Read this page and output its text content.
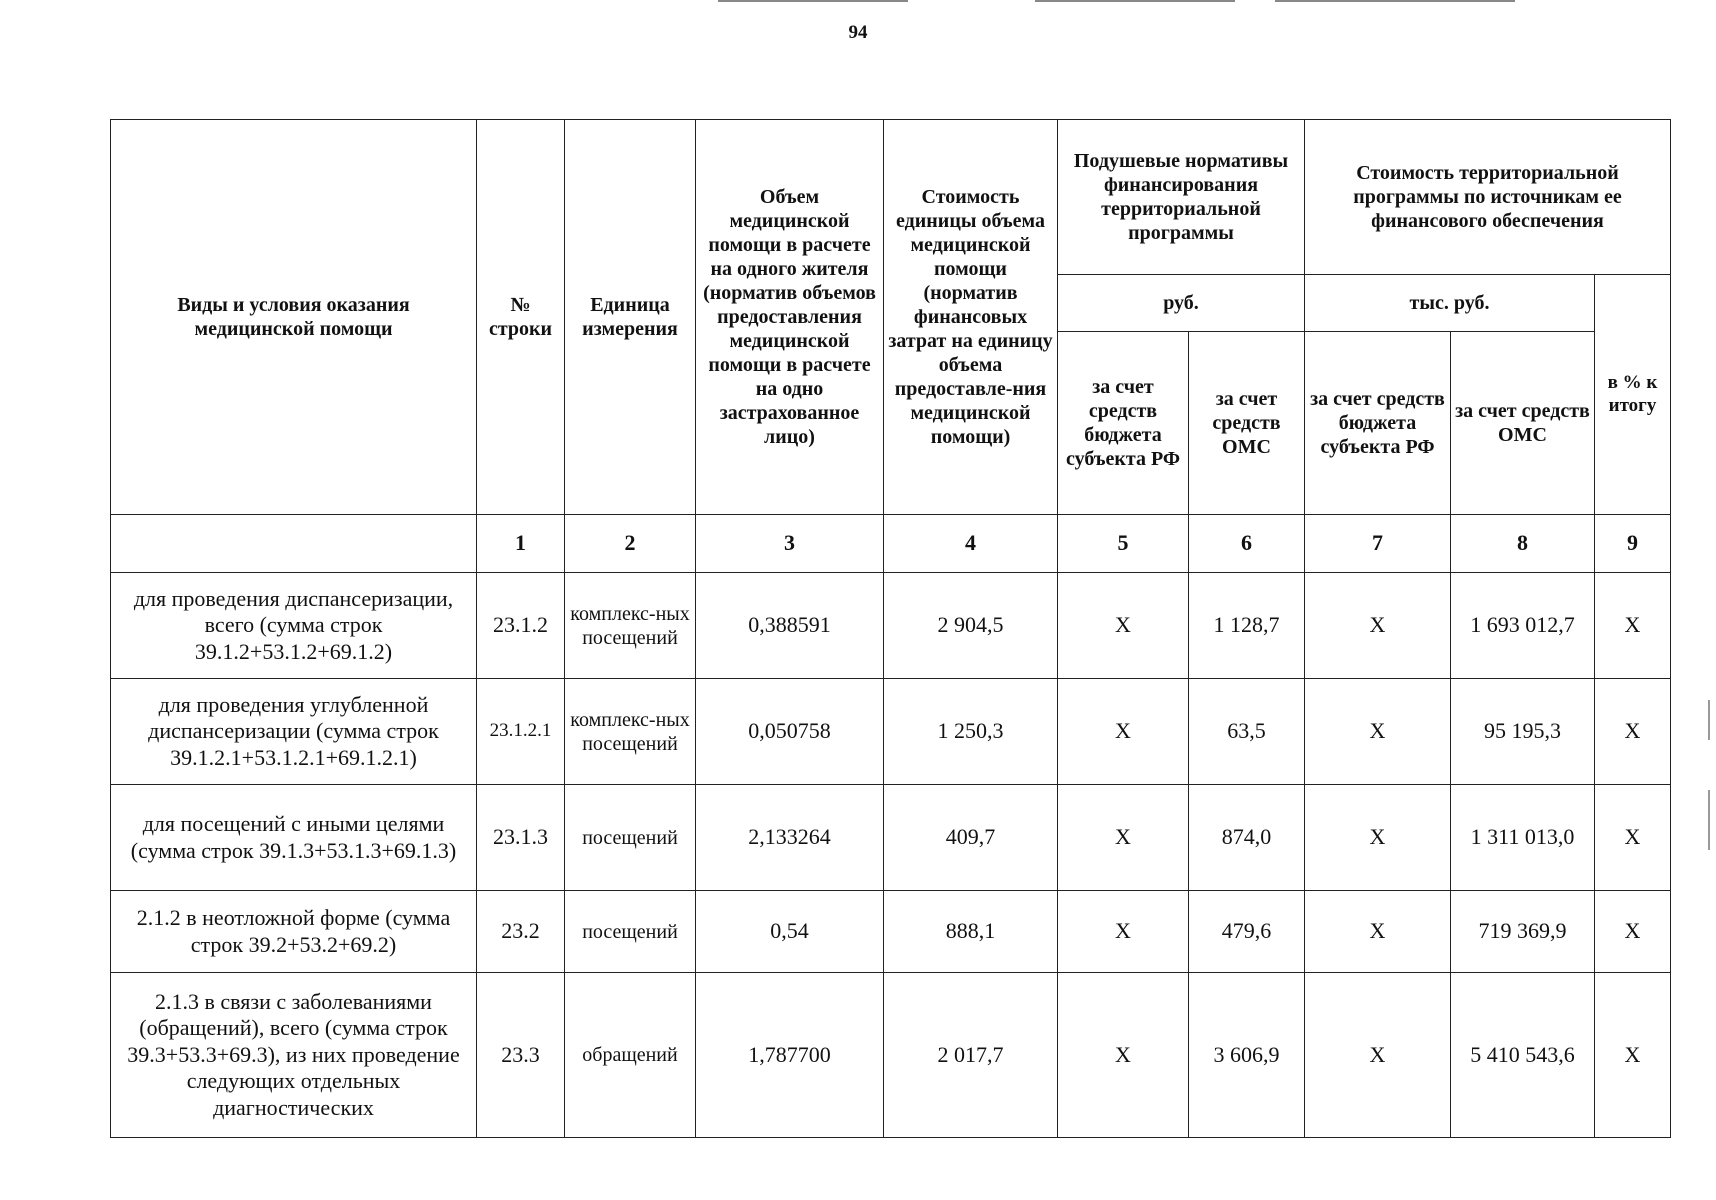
94
Виды и условия оказания медицинской помощи	№ строки	Единица измерения	Объем медицинской помощи в расчете на одного жителя (норматив объемов предоставления медицинской помощи в расчете на одно застрахованное лицо)	Стоимость единицы объема медицинской помощи (норматив финансовых затрат на единицу объема предоставле-ния медицинской помощи)	Подушевые нормативы финансирования территориальной программы		Стоимость территориальной программы по источникам ее финансового обеспечения		
					руб.		тыс. руб.		в % к итогу
					за счет средств бюджета субъекта РФ	за счет средств ОМС	за счет средств бюджета субъекта РФ	за счет средств ОМС	
	1	2	3	4	5	6	7	8	9
для проведения диспансеризации, всего (сумма строк 39.1.2+53.1.2+69.1.2)	23.1.2	комплекс-ных посещений	0,388591	2 904,5	Х	1 128,7	Х	1 693 012,7	Х
для проведения углубленной диспансеризации (сумма строк 39.1.2.1+53.1.2.1+69.1.2.1)	23.1.2.1	комплекс-ных посещений	0,050758	1 250,3	Х	63,5	Х	95 195,3	Х
для посещений с иными целями (сумма строк 39.1.3+53.1.3+69.1.3)	23.1.3	посещений	2,133264	409,7	Х	874,0	Х	1 311 013,0	Х
2.1.2 в неотложной форме (сумма строк 39.2+53.2+69.2)	23.2	посещений	0,54	888,1	Х	479,6	Х	719 369,9	Х
2.1.3 в связи с заболеваниями (обращений), всего (сумма строк 39.3+53.3+69.3), из них проведение следующих отдельных диагностических	23.3	обращений	1,787700	2 017,7	Х	3 606,9	Х	5 410 543,6	Х
